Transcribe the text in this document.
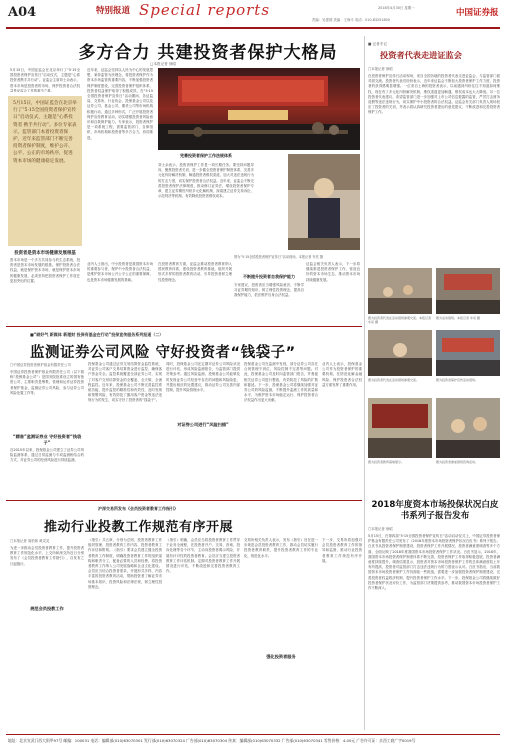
A04	特别报道 Special reports	2018年4月30日 星期一
责编：吴建德 美编：王海丰 电话：010-83251800
中国证券报
多方合力 共建投资者保护大格局
□本报记者 徐昭
5月15日，中国证监会在北京举行了“5·15全国投资者保护宣传日”启动仪式，主题是“心系投资者携手共行动”。证监会主席刘士余表示，资本市场是投资者的市场，保护投资者合法权益是证监会工作的重中之重。
5月15日，中国证监会在北京举行了“5·15全国投资者保护宣传日”启动仪式，主题是“心系投资者 携手共行动”。多位专家表示，监管部门本着投资者保护，近年来监管部门不断完善投资者保护制度，维护公开、公平、公正的市场秩序，促进资本市场的健康稳定发展。
近年来，证监会坚持以人民为中心的发展思想，秉持监管为民理念，将投资者保护作为资本市场监管的重要内容，不断加强投资者保护制度建设，完善投资者保护组织体系，投资者权益保护取得了积极成效。在“5·15全国投资者保护宣传日”活动期间，各证监局、交易所、行业协会、投保基金公司以及证券公司、基金公司、期货公司等市场机构积极行动，通过多种形式，广泛开展投资者保护宣传教育活动，切实增强投资者风险意识和自我保护能力。专家表示，投资者保护是一项系统工程，需要监管部门、自律组织、市场机构和投资者等多方合力、协同推进。
完善投资者保护工作法规体系
刘士余表示，投资者保护工作是一项长期任务。要坚持问题导向，聚焦投资者关切，进一步健全投资者保护制度体系，完善多元化纠纷解决机制，畅通投资者维权渠道，加大对违法违规行为的打击力度，切实保护投资者合法权益。近年来，证监会不断完善投资者保护法律制度，推动修订证券法，增设投资者保护专章，建立证券期货纠纷多元化解机制，探索建立证券支持诉讼、示范判决等机制，有效降低投资者维权成本。
图为“5·15全国投资者保护宣传日”活动现场。本报记者 车亮 摄
投资者是资本市场健康发展根基
资本市场是一个多方共同参与的生态系统，投资者是资本市场发展的根基。保护投资者合法权益，就是保护资本市场，就是保护资本市场的健康发展，必须坚持把投资者保护工作放在更加突出的位置。
业内人士指出，中小投资者是我国资本市场的重要参与者，保护中小投资者合法权益，是维护资本市场公开公平公正的重要保障，也是资本市场健康发展的基础。
在投资者教育方面，证监会推动投资者教育纳入国民教育体系，建设投资者教育基地，组织开展形式多样的投资者教育活动，引导投资者树立理性投资理念。
不断提升投资者自我保护能力
专家建议，投资者应当增强风险意识，不断学习证券期货知识，树立理性投资理念，提高自我保护能力，依法维护自身合法权益。
证监会相关负责人表示，下一步将继续推进投资者保护工作，营造良好的资本市场生态，推动资本市场持续健康发展。
■ 记者手记
投资者代表走进证监会
□本报记者 徐昭
在投资者保护宣传日活动现场，来自全国各地的投资者代表走进证监会，与监管部门面对面交流。投资者代表们纷纷表示，近年来证监会不断加大投资者保护工作力度，投资者的获得感明显增强。一位来自上海的投资者表示，以前遇到纠纷往往不知道如何维权，现在有了多元化纠纷解决机制，维权渠道更加畅通，维权成本也大大降低。另一位投资者代表建议，希望监管部门进一步加强对上市公司信息披露的监管，严厉打击财务造假等违法违规行为，切实保护中小投资者的合法权益。证监会有关部门负责人现场回应了投资者的关切，并表示将认真研究投资者提出的意见建议，不断改进和完善投资者保护工作。
图为投资者代表在活动现场参观交流。本报记者 车亮 摄
图为活动现场。本报记者 车亮 摄
■“刷好气 新媒体 新理财 投保有基金在行动”投保宣传服务系列报道（二）
监测证券公司风险 守好投资者“钱袋子”
□中国证券投资者保护基金有限责任公司
中国证券投资者保护基金有限责任公司（以下简称“投保基金公司”）是国务院批准设立的国有独资公司，主要职责是筹集、管理和运作证券投资者保护基金，监测证券公司风险，参与证券公司风险处置工作等。
“精准”监测证券业 守好投资者“钱袋子”
自2015年以来，投保基金公司建立了证券公司风险监测体系，通过日常监测与专项监测相结合的方式，对证券公司的经营风险进行持续监测。
投保基金公司通过证券交易结算资金监控系统，对证券公司客户交易结算资金进行监控，确保客户资金安全。监控系统覆盖全部证券公司，实现了对客户交易结算资金的全覆盖、全天候、全流程监控。近年来，投保基金公司不断完善监控系统功能，提升监控的精准性和有效性，及时发现和预警风险，有效防范了挪用客户资金等违法违规行为的发生，切实守好了投资者的“钱袋子”。
同时，投保基金公司还定期对证券公司风险状况进行评估，形成风险监测报告，为监管部门提供决策参考。通过风险监测，投保基金公司能够及时发现证券公司经营中存在的问题和风险隐患，并提出相应的处置建议，推动证券公司完善内部控制，提升风险管理水平。
对证券公司进行“风险扫描”
投保基金公司在监测中发现，部分证券公司存在合规管理不到位、风险控制不完善等问题。对此，投保基金公司及时向监管部门报告，并督促相关证券公司进行整改，有效防范了风险的扩散和蔓延。下一步，投保基金公司将继续加强对证券公司的风险监测，不断提升监测工作的质量和水平，为维护资本市场稳定运行、保护投资者合法权益作出更大贡献。
业内人士表示，投保基金公司作为投资者保护的重要机构，在防范化解金融风险、保护投资者合法权益方面发挥了重要作用。
图为投资者代表在活动现场参观交流。	图为投资者保护宣传活动现场。
图为投资者教育基地展示。	图为投资者参加现场咨询活动。
2018年度资本市场投保状况白皮书系列子报告发布
□本报记者 徐昭
5月15日，在第四届“5·15全国投资者保护宣传日”活动启动仪式上，中国证券投资者保护基金有限责任公司发布了《2018年度资本市场投资者保护状况白皮书》系列子报告。白皮书从投资者保护制度建设、投资者保护工作开展情况、投资者满意度调查等多个方面，全面反映了2018年度我国资本市场投资者保护工作状况。白皮书显示，2018年，我国资本市场投资者保护制度体系不断完善，投资者保护工作取得积极进展，投资者满意度持续提升。调查结果显示，投资者对资本市场投资者保护工作的总体满意度较上年有所提高，投资者对监管部门打击违法违规行为的力度表示认可。白皮书指出，当前我国资本市场投资者保护工作仍面临一些挑战，需要进一步加强投资者保护制度建设，完善投资者权益救济机制，提升投资者保护工作水平。下一步，投保基金公司将继续做好投资者保护状况评价工作，为监管部门决策提供参考，推动我国资本市场投资者保护工作不断深入。
沪深交易所发布《会员投资者教育工作指引》
推动行业投教工作规范有序开展
□本报记者 周松林 黄灵灵
为进一步推动会员投资者教育工作，提升投资者教育工作规范化水平，上交所和深交所近日分别发布了《会员投资者教育工作指引》，自发布之日起施行。
规范会员投教工作
《指引》共五章，分别为总则、投资者教育工作组织管理、投资者教育工作内容、投资者教育工作评估和附则。《指引》要求会员建立健全投资者教育工作制度，明确投资者教育工作的组织架构和职责分工，配备必要的人员和经费，将投资者教育工作纳入公司发展战略和企业文化建设。会员应当结合投资者需求，开展形式多样、内容丰富的投资者教育活动，帮助投资者了解证券市场基本知识、投资风险和法律法规，树立理性投资理念。
《指引》明确，会员应当将投资者教育工作贯穿于业务全流程，在投资者开户、交易、咨询、投诉处理等各个环节，主动向投资者揭示风险，开展有针对性的投资者教育。会员应当建立投资者教育工作评估机制，定期对投资者教育工作开展情况进行评估，不断改进和完善投资者教育工作。
交易所相关负责人表示，发布《指引》旨在进一步规范会员投资者教育工作，推动会员切实履行投资者教育职责，提升投资者教育工作的专业化、规范化水平。
强化投资者服务
下一步，交易所将加强对会员投资者教育工作的指导和监督，推动行业投资者教育工作规范有序开展。
地址：北京宣武门西大街甲97号 邮编：100031 电话：编辑部(010)63070301 发行部(010)63070324 广告部(010)63070304 传真：编辑部(010)63070332 广告部(010)63070341 零售价格：4.00元 广告许可证：京西工商广字0019号
